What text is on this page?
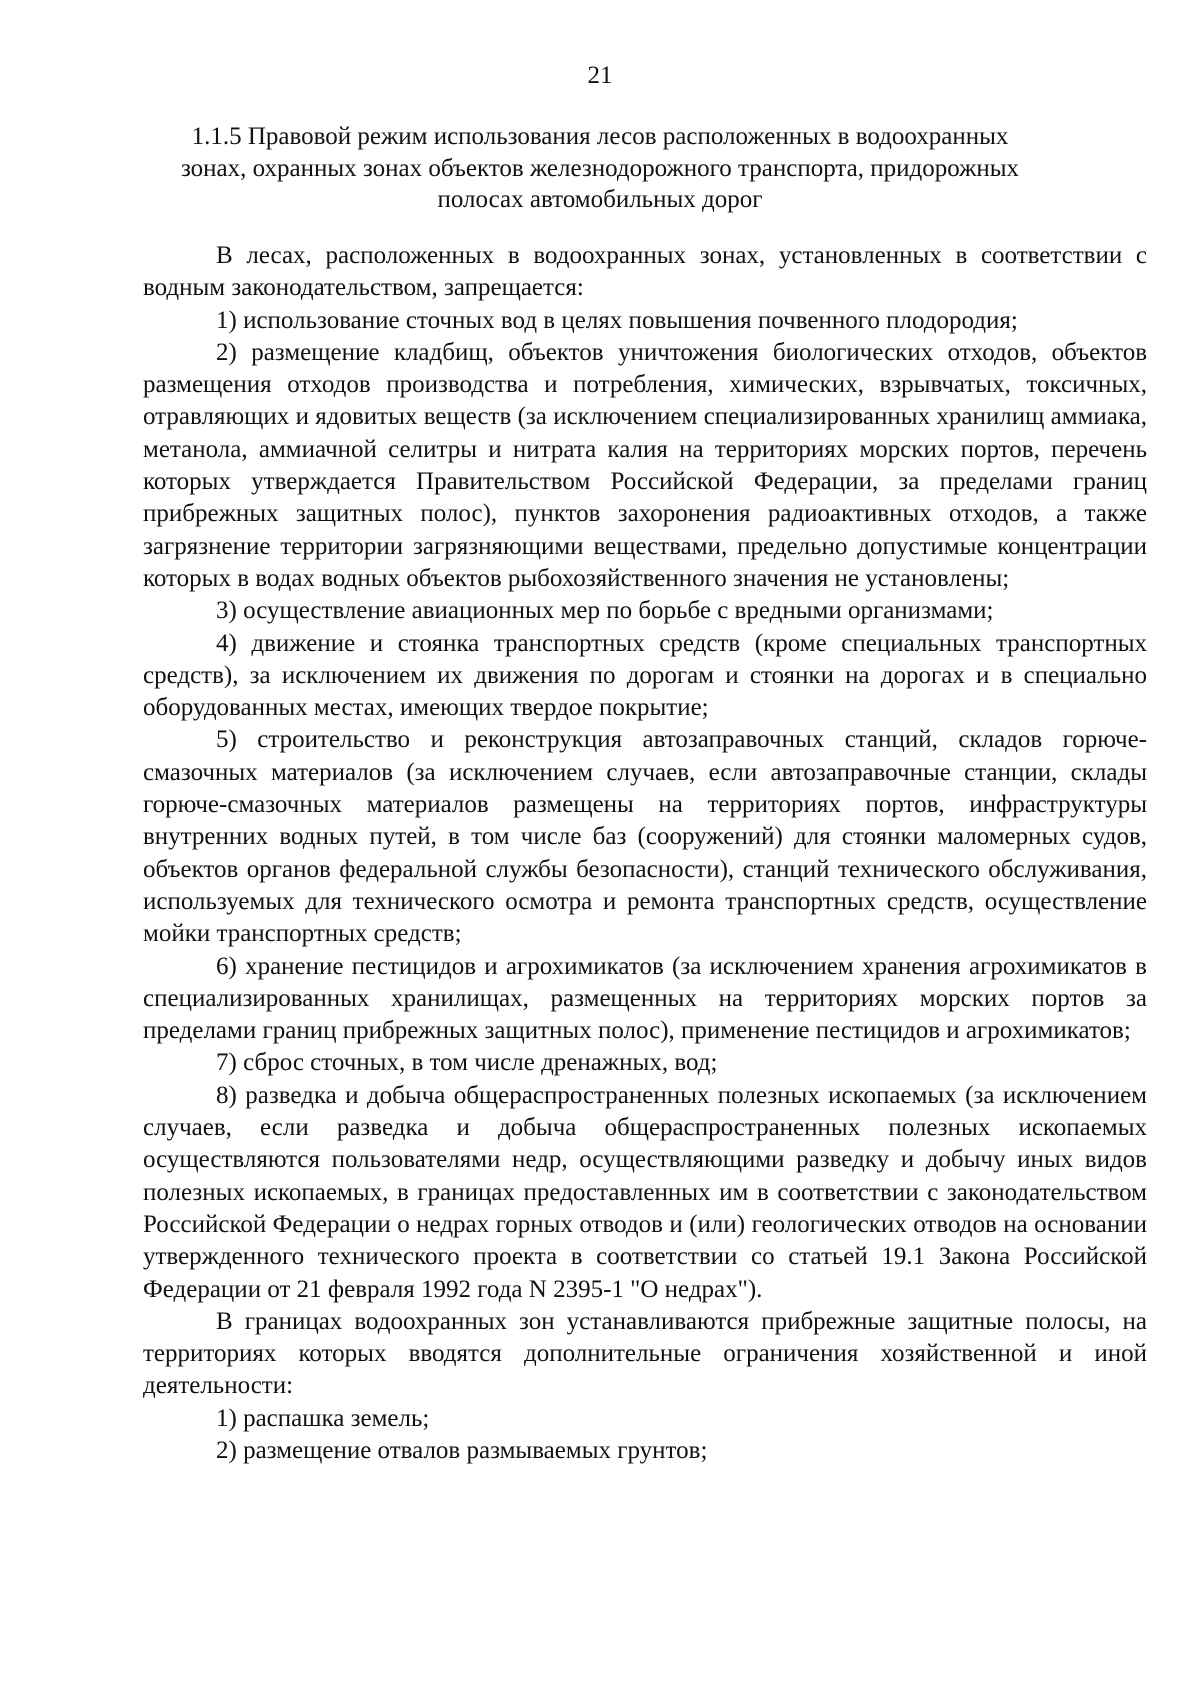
21
1.1.5 Правовой режим использования лесов расположенных в водоохранных
зонах, охранных зонах объектов железнодорожного транспорта, придорожных
полосах автомобильных дорог

В лесах, расположенных в водоохранных зонах, установленных в соответствии с водным законодательством, запрещается:

1) использование сточных вод в целях повышения почвенного плодородия;

2) размещение кладбищ, объектов уничтожения биологических отходов, объектов размещения отходов производства и потребления, химических, взрывчатых, токсичных, отравляющих и ядовитых веществ (за исключением специализированных хранилищ аммиака, метанола, аммиачной селитры и нитрата калия на территориях морских портов, перечень которых утверждается Правительством Российской Федерации, за пределами границ прибрежных защитных полос), пунктов захоронения радиоактивных отходов, а также загрязнение территории загрязняющими веществами, предельно допустимые концентрации которых в водах водных объектов рыбохозяйственного значения не установлены;

3) осуществление авиационных мер по борьбе с вредными организмами;

4) движение и стоянка транспортных средств (кроме специальных транспортных средств), за исключением их движения по дорогам и стоянки на дорогах и в специально оборудованных местах, имеющих твердое покрытие;

5) строительство и реконструкция автозаправочных станций, складов горюче-смазочных материалов (за исключением случаев, если автозаправочные станции, склады горюче-смазочных материалов размещены на территориях портов, инфраструктуры внутренних водных путей, в том числе баз (сооружений) для стоянки маломерных судов, объектов органов федеральной службы безопасности), станций технического обслуживания, используемых для технического осмотра и ремонта транспортных средств, осуществление мойки транспортных средств;

6) хранение пестицидов и агрохимикатов (за исключением хранения агрохимикатов в специализированных хранилищах, размещенных на территориях морских портов за пределами границ прибрежных защитных полос), применение пестицидов и агрохимикатов;

7) сброс сточных, в том числе дренажных, вод;

8) разведка и добыча общераспространенных полезных ископаемых (за исключением случаев, если разведка и добыча общераспространенных полезных ископаемых осуществляются пользователями недр, осуществляющими разведку и добычу иных видов полезных ископаемых, в границах предоставленных им в соответствии с законодательством Российской Федерации о недрах горных отводов и (или) геологических отводов на основании утвержденного технического проекта в соответствии со статьей 19.1 Закона Российской Федерации от 21 февраля 1992 года N 2395-1 "О недрах").

В границах водоохранных зон устанавливаются прибрежные защитные полосы, на территориях которых вводятся дополнительные ограничения хозяйственной и иной деятельности:

1) распашка земель;

2) размещение отвалов размываемых грунтов;
